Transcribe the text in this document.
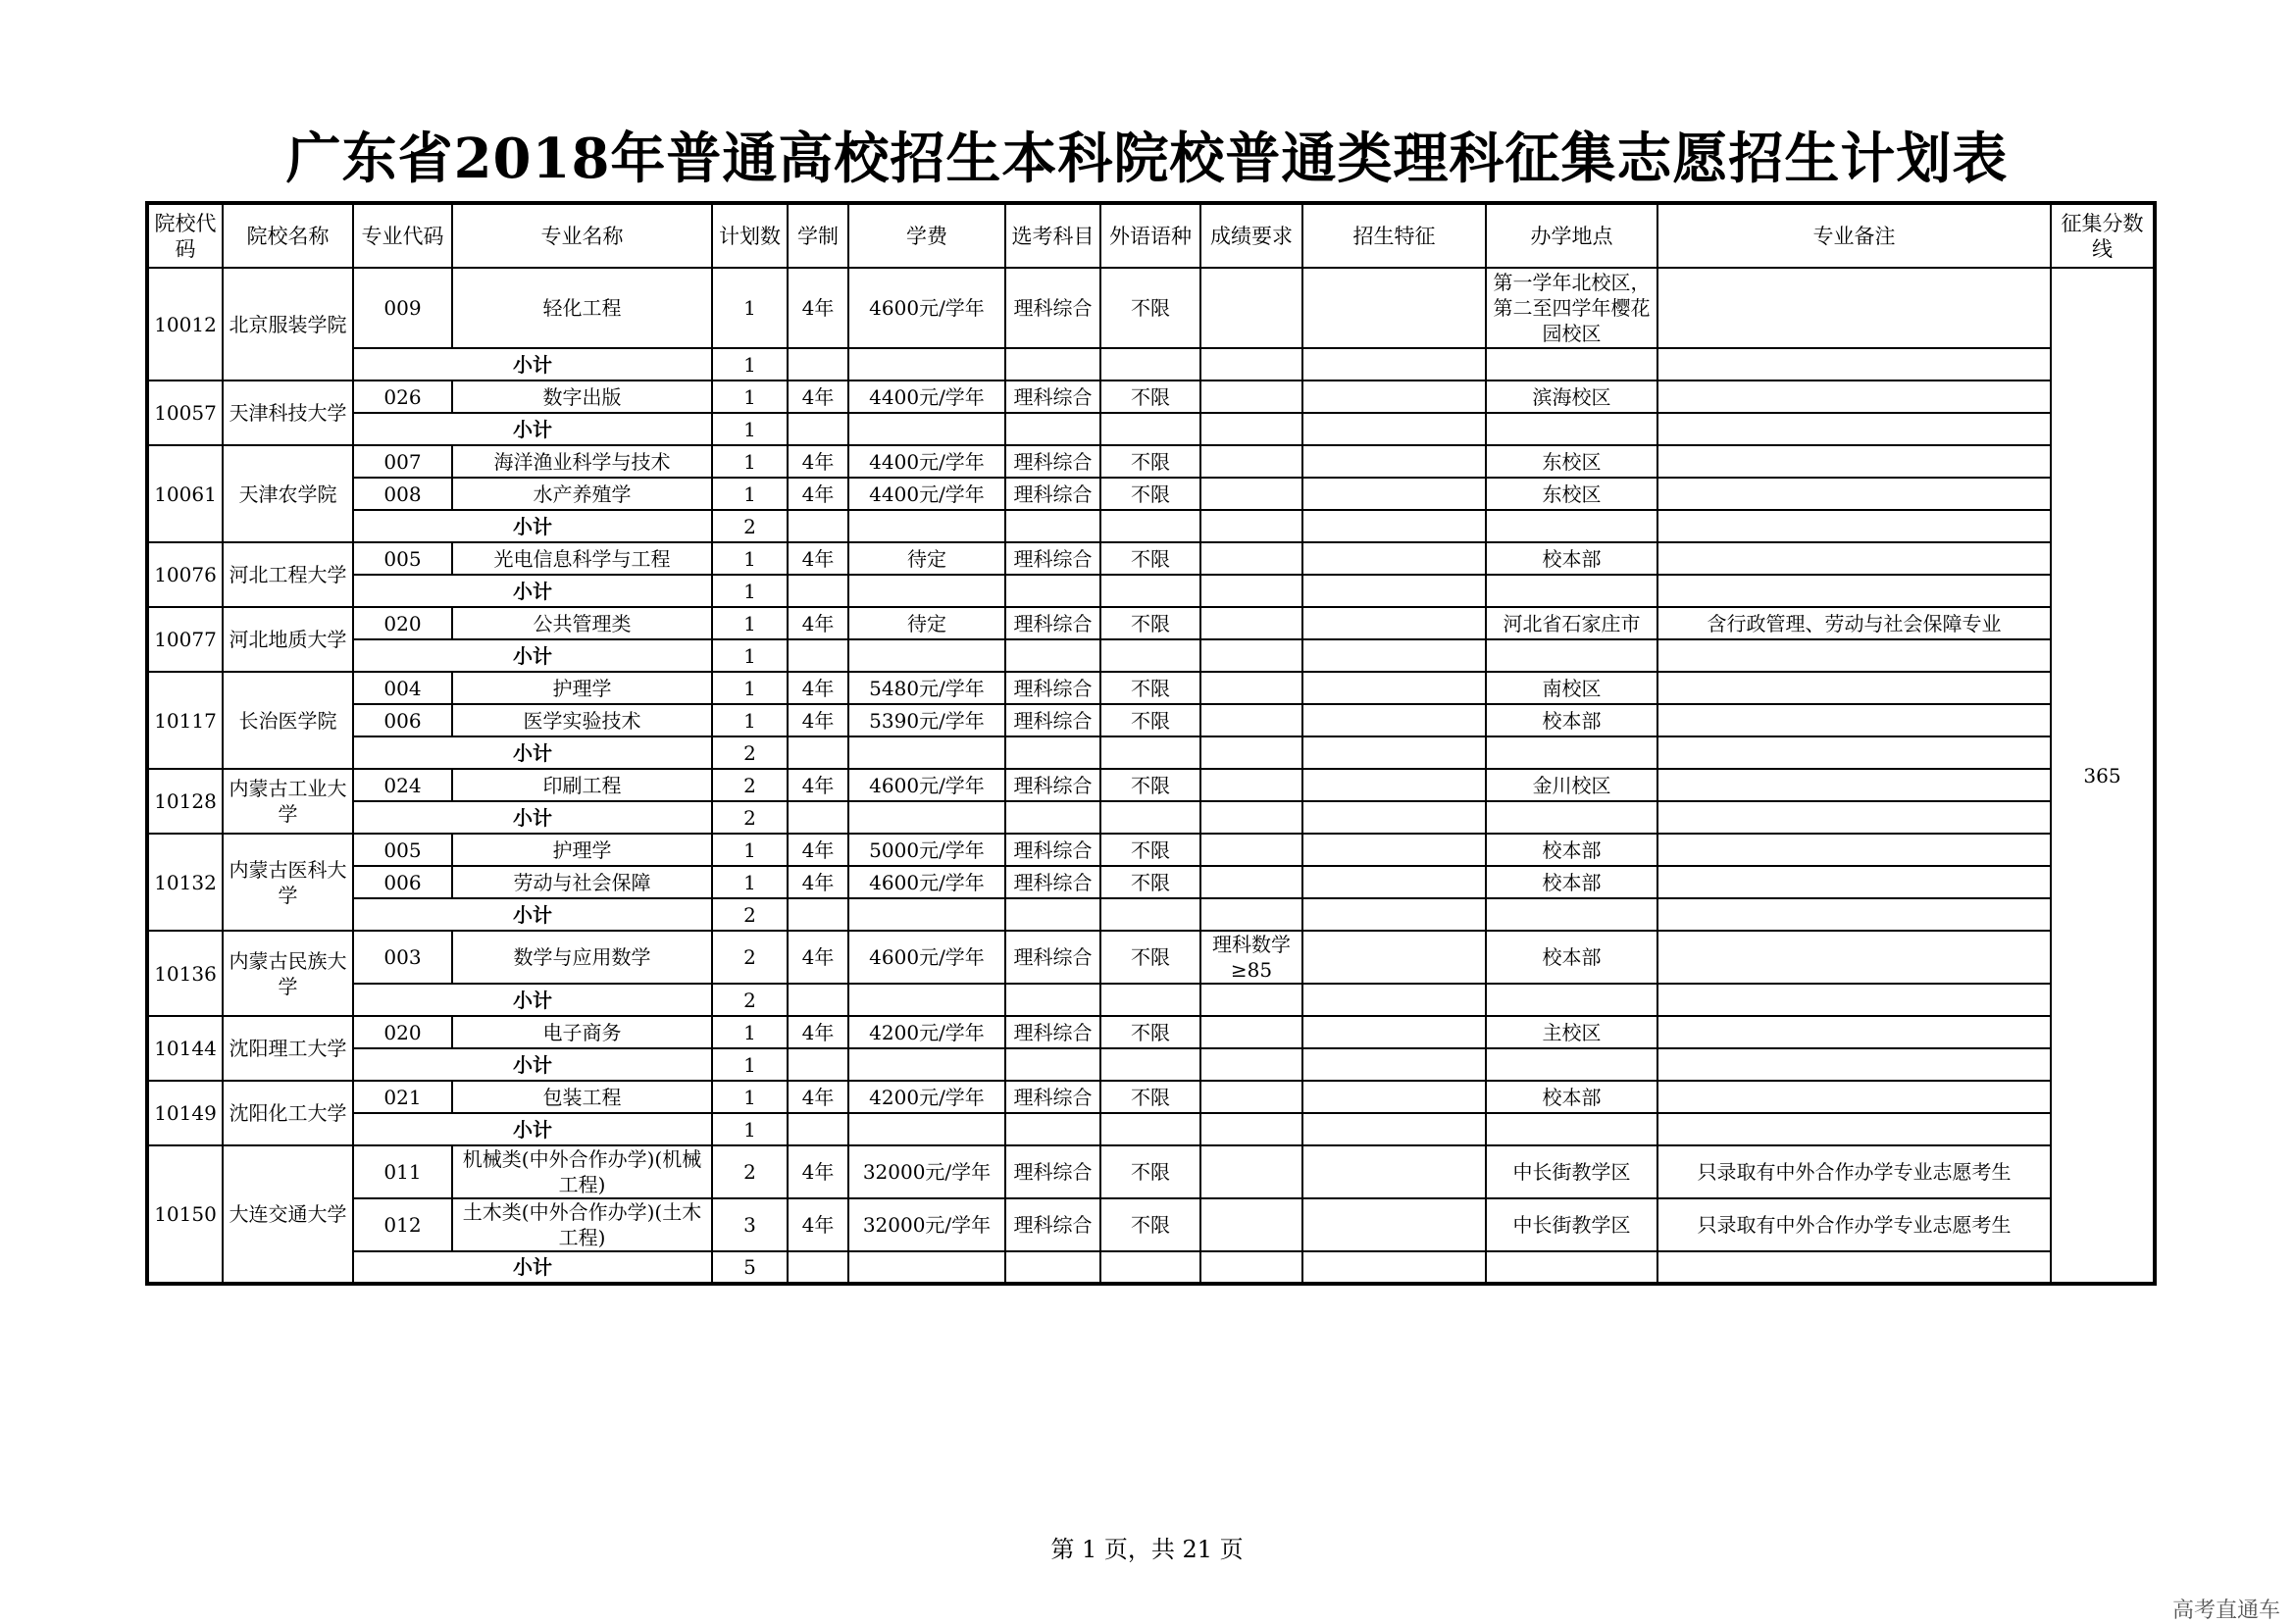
广东省2018年普通高校招生本科院校普通类理科征集志愿招生计划表
院校代码	院校名称	专业代码	专业名称	计划数	学制	学费	选考科目	外语语种	成绩要求	招生特征	办学地点	专业备注	征集分数线
10012	北京服装学院	009	轻化工程	1	4年	4600元/学年	理科综合	不限			第一学年北校区，第二至四学年樱花园校区		365
		小计		1									
10057	天津科技大学	026	数字出版	1	4年	4400元/学年	理科综合	不限			滨海校区		
		小计		1									
10061	天津农学院	007	海洋渔业科学与技术	1	4年	4400元/学年	理科综合	不限			东校区		
		008	水产养殖学	1	4年	4400元/学年	理科综合	不限			东校区		
		小计		2									
10076	河北工程大学	005	光电信息科学与工程	1	4年	待定	理科综合	不限			校本部		
		小计		1									
10077	河北地质大学	020	公共管理类	1	4年	待定	理科综合	不限			河北省石家庄市	含行政管理、劳动与社会保障专业	
		小计		1									
10117	长治医学院	004	护理学	1	4年	5480元/学年	理科综合	不限			南校区		
		006	医学实验技术	1	4年	5390元/学年	理科综合	不限			校本部		
		小计		2									
10128	内蒙古工业大学	024	印刷工程	2	4年	4600元/学年	理科综合	不限			金川校区		
		小计		2									
10132	内蒙古医科大学	005	护理学	1	4年	5000元/学年	理科综合	不限			校本部		
		006	劳动与社会保障	1	4年	4600元/学年	理科综合	不限			校本部		
		小计		2									
10136	内蒙古民族大学	003	数学与应用数学	2	4年	4600元/学年	理科综合	不限	理科数学≥85		校本部		
		小计		2									
10144	沈阳理工大学	020	电子商务	1	4年	4200元/学年	理科综合	不限			主校区		
		小计		1									
10149	沈阳化工大学	021	包装工程	1	4年	4200元/学年	理科综合	不限			校本部		
		小计		1									
10150	大连交通大学	011	机械类(中外合作办学)(机械工程)	2	4年	32000元/学年	理科综合	不限			中长街教学区	只录取有中外合作办学专业志愿考生	
		012	土木类(中外合作办学)(土木工程)	3	4年	32000元/学年	理科综合	不限			中长街教学区	只录取有中外合作办学专业志愿考生	
		小计		5									
第 1 页，共 21 页
高考直通车
